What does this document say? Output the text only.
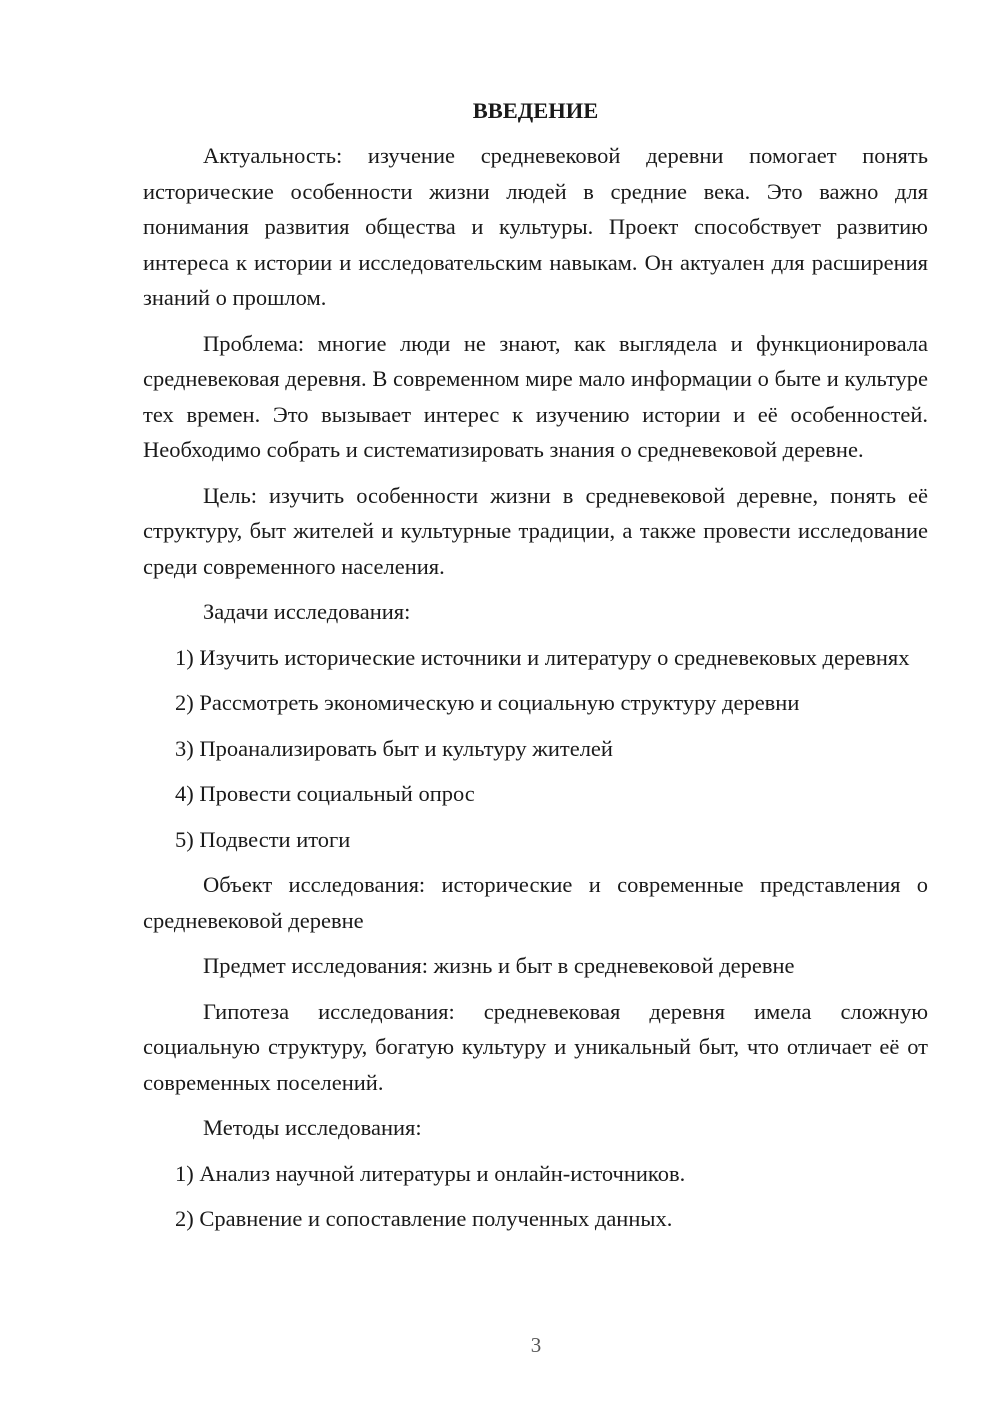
ВВЕДЕНИЕ

Актуальность: изучение средневековой деревни помогает понять исторические особенности жизни людей в средние века. Это важно для понимания развития общества и культуры. Проект способствует развитию интереса к истории и исследовательским навыкам. Он актуален для расширения знаний о прошлом.

Проблема: многие люди не знают, как выглядела и функционировала средневековая деревня. В современном мире мало информации о быте и культуре тех времен. Это вызывает интерес к изучению истории и её особенностей. Необходимо собрать и систематизировать знания о средневековой деревне.

Цель: изучить особенности жизни в средневековой деревне, понять её структуру, быт жителей и культурные традиции, а также провести исследование среди современного населения.

Задачи исследования:

1) Изучить исторические источники и литературу о средневековых деревнях

2) Рассмотреть экономическую и социальную структуру деревни

3) Проанализировать быт и культуру жителей

4) Провести социальный опрос

5) Подвести итоги

Объект исследования: исторические и современные представления о средневековой деревне

Предмет исследования: жизнь и быт в средневековой деревне

Гипотеза исследования: средневековая деревня имела сложную социальную структуру, богатую культуру и уникальный быт, что отличает её от современных поселений.

Методы исследования:

1) Анализ научной литературы и онлайн-источников.

2) Сравнение и сопоставление полученных данных.

3
